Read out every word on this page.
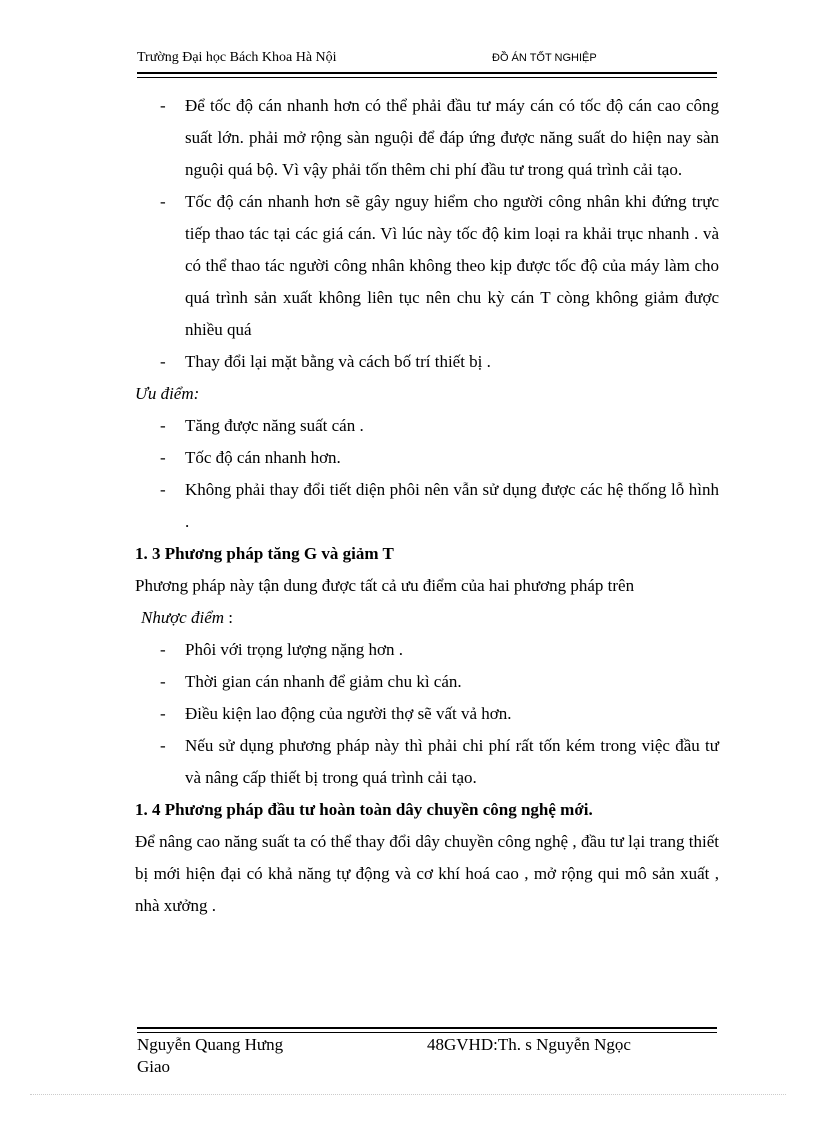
Trường Đại học Bách Khoa Hà Nội	ĐỒ ÁN TỐT NGHIỆP
- Để tốc độ cán nhanh hơn có thể phải đầu tư máy cán có tốc độ cán cao công suất lớn. phải mở rộng sàn nguội để đáp ứng được năng suất do hiện nay sàn nguội quá bộ. Vì vậy phải tốn thêm chi phí đầu tư trong quá trình cải tạo.
- Tốc độ cán nhanh hơn sẽ gây nguy hiểm cho người công nhân khi đứng trực tiếp thao tác tại các giá cán. Vì lúc này tốc độ kim loại ra khải trục nhanh . và có thể thao tác người công nhân không theo kịp được tốc độ của máy làm cho quá trình sản xuất không liên tục nên chu kỳ cán T còng không giảm được nhiều quá
- Thay đổi lại mặt bằng và cách bố trí thiết bị .
Ưu điểm:
- Tăng được năng suất cán .
- Tốc độ cán nhanh hơn.
- Không phải thay đổi tiết diện phôi nên vẫn sử dụng được các hệ thống lỗ hình .
1. 3 Phương pháp tăng G và giảm T
Phương pháp này tận dung được tất cả ưu điểm của hai phương pháp trên
Nhược điểm :
- Phôi với trọng lượng nặng hơn .
- Thời gian cán nhanh để giảm chu kì cán.
- Điều kiện lao động của người thợ sẽ vất vả hơn.
- Nếu sử dụng phương pháp này thì phải chi phí rất tốn kém trong việc đầu tư và nâng cấp thiết bị trong quá trình cải tạo.
1. 4 Phương pháp đầu tư hoàn toàn dây chuyền công nghệ mới.
Để nâng cao năng suất ta có thể thay đổi dây chuyền công nghệ , đầu tư lại trang thiết bị mới hiện đại có khả năng tự động và cơ khí hoá cao , mở rộng qui mô sản xuất , nhà xưởng .
Nguyễn Quang Hưng	48GVHD:Th. s Nguyễn Ngọc
Giao
